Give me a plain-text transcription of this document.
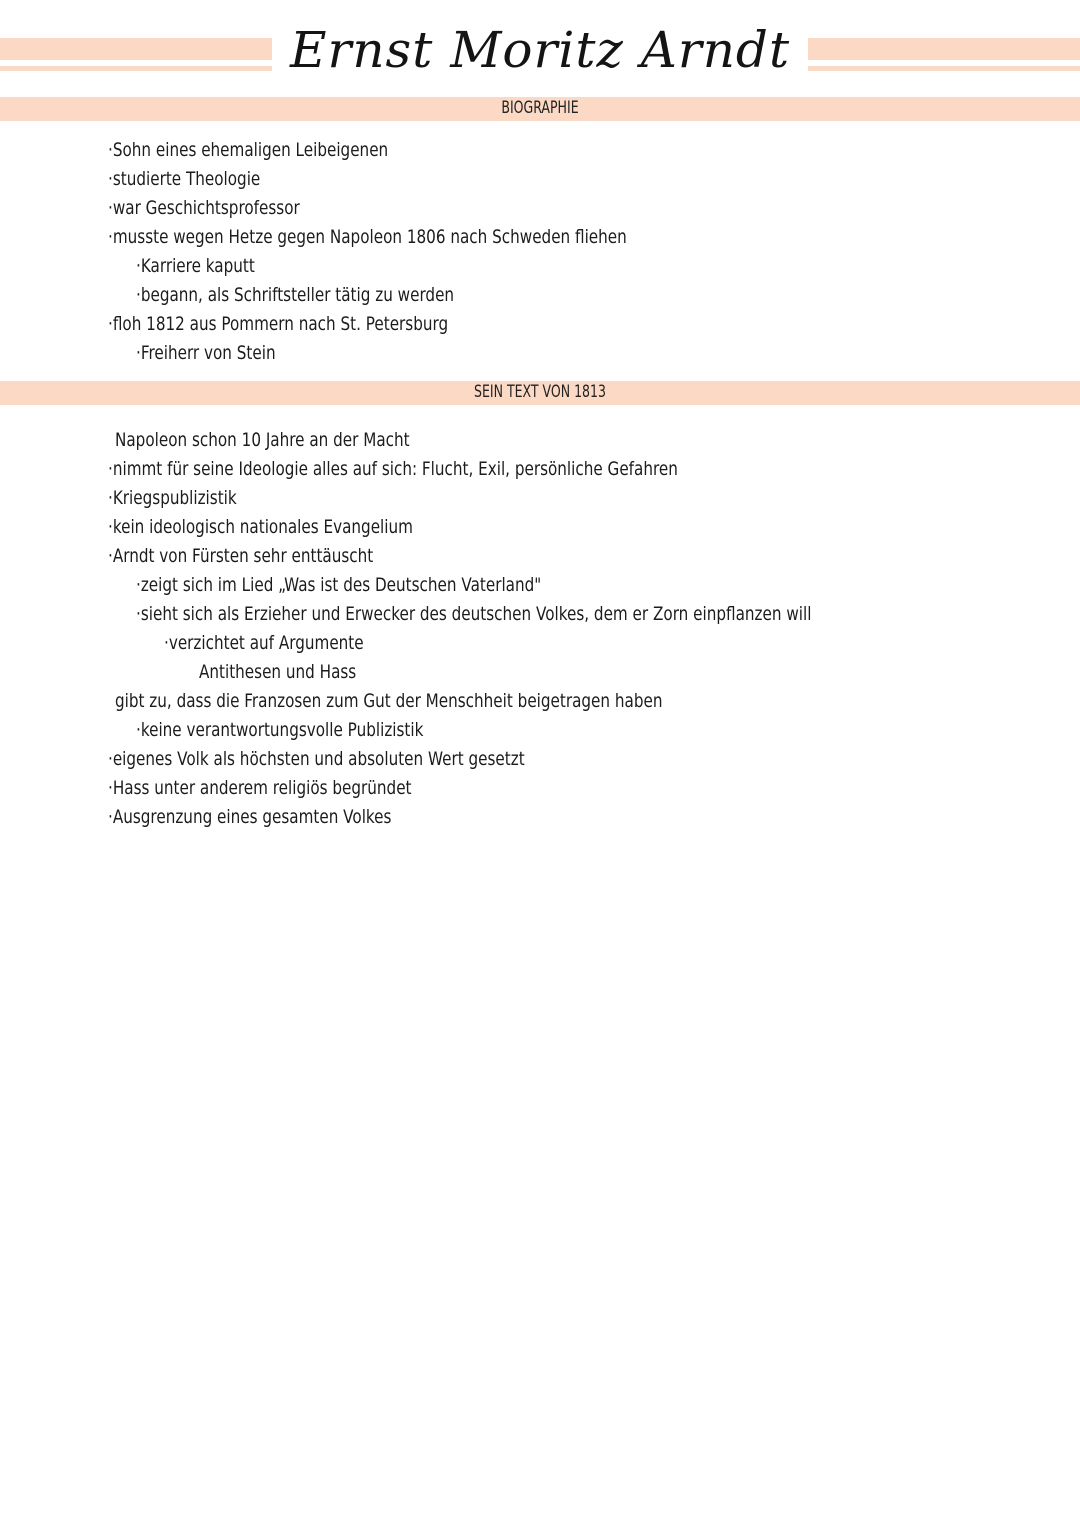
Ernst Moritz Arndt
BIOGRAPHIE
·Sohn eines ehemaligen Leibeigenen
·studierte Theologie
·war Geschichtsprofessor
·musste wegen Hetze gegen Napoleon 1806 nach Schweden fliehen
·Karriere kaputt
·begann, als Schriftsteller tätig zu werden
·floh 1812 aus Pommern nach St. Petersburg
·Freiherr von Stein
SEIN TEXT VON 1813
Napoleon schon 10 Jahre an der Macht
·nimmt für seine Ideologie alles auf sich: Flucht, Exil, persönliche Gefahren
·Kriegspublizistik
·kein ideologisch nationales Evangelium
·Arndt von Fürsten sehr enttäuscht
·zeigt sich im Lied „Was ist des Deutschen Vaterland"
·sieht sich als Erzieher und Erwecker des deutschen Volkes, dem er Zorn einpflanzen will
·verzichtet auf Argumente
Antithesen und Hass
gibt zu, dass die Franzosen zum Gut der Menschheit beigetragen haben
·keine verantwortungsvolle Publizistik
·eigenes Volk als höchsten und absoluten Wert gesetzt
·Hass unter anderem religiös begründet
·Ausgrenzung eines gesamten Volkes
